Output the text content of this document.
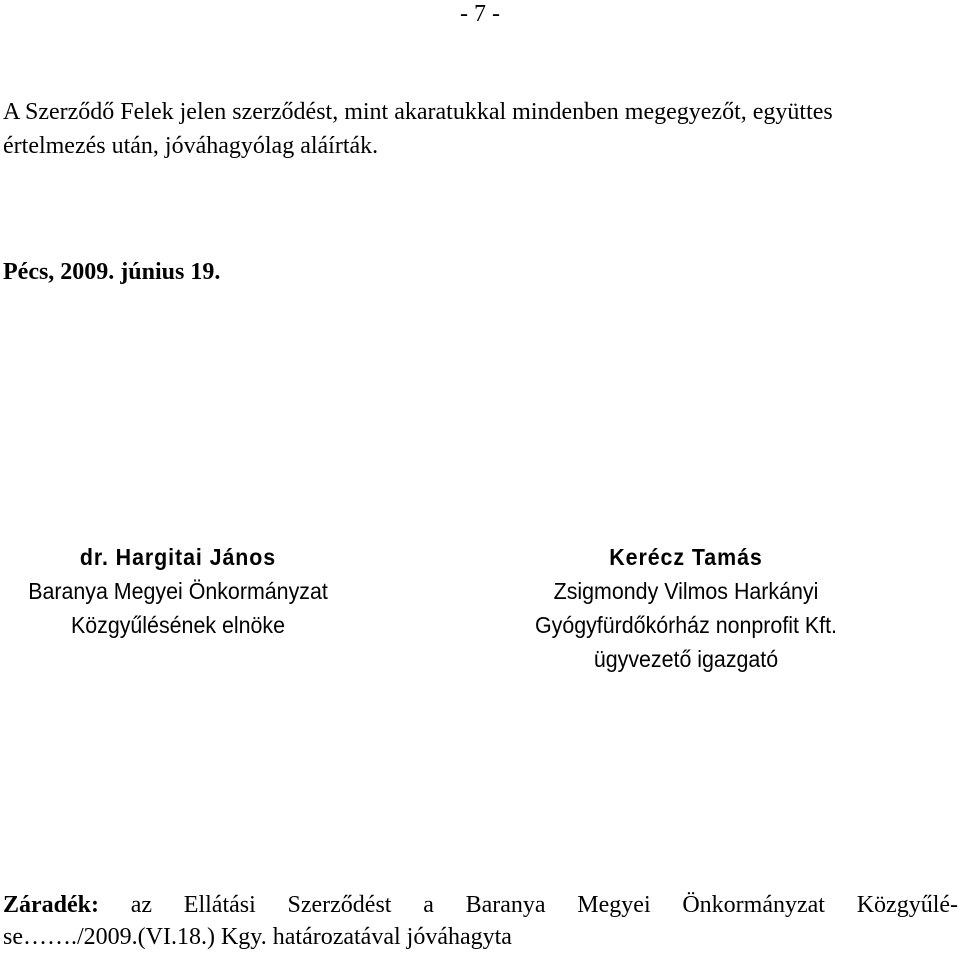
- 7 -
A Szerződő Felek jelen szerződést, mint akaratukkal mindenben megegyezőt, együttes
értelmezés után, jóváhagyólag aláírták.
Pécs, 2009. június 19.
dr. Hargitai János
Baranya Megyei Önkormányzat
Közgyűlésének elnöke
Kerécz Tamás
Zsigmondy Vilmos Harkányi
Gyógyfürdőkórház nonprofit Kft.
ügyvezető igazgató
Záradék: az Ellátási Szerződést a Baranya Megyei Önkormányzat Közgyűlé-
se……./2009.(VI.18.) Kgy. határozatával jóváhagyta
